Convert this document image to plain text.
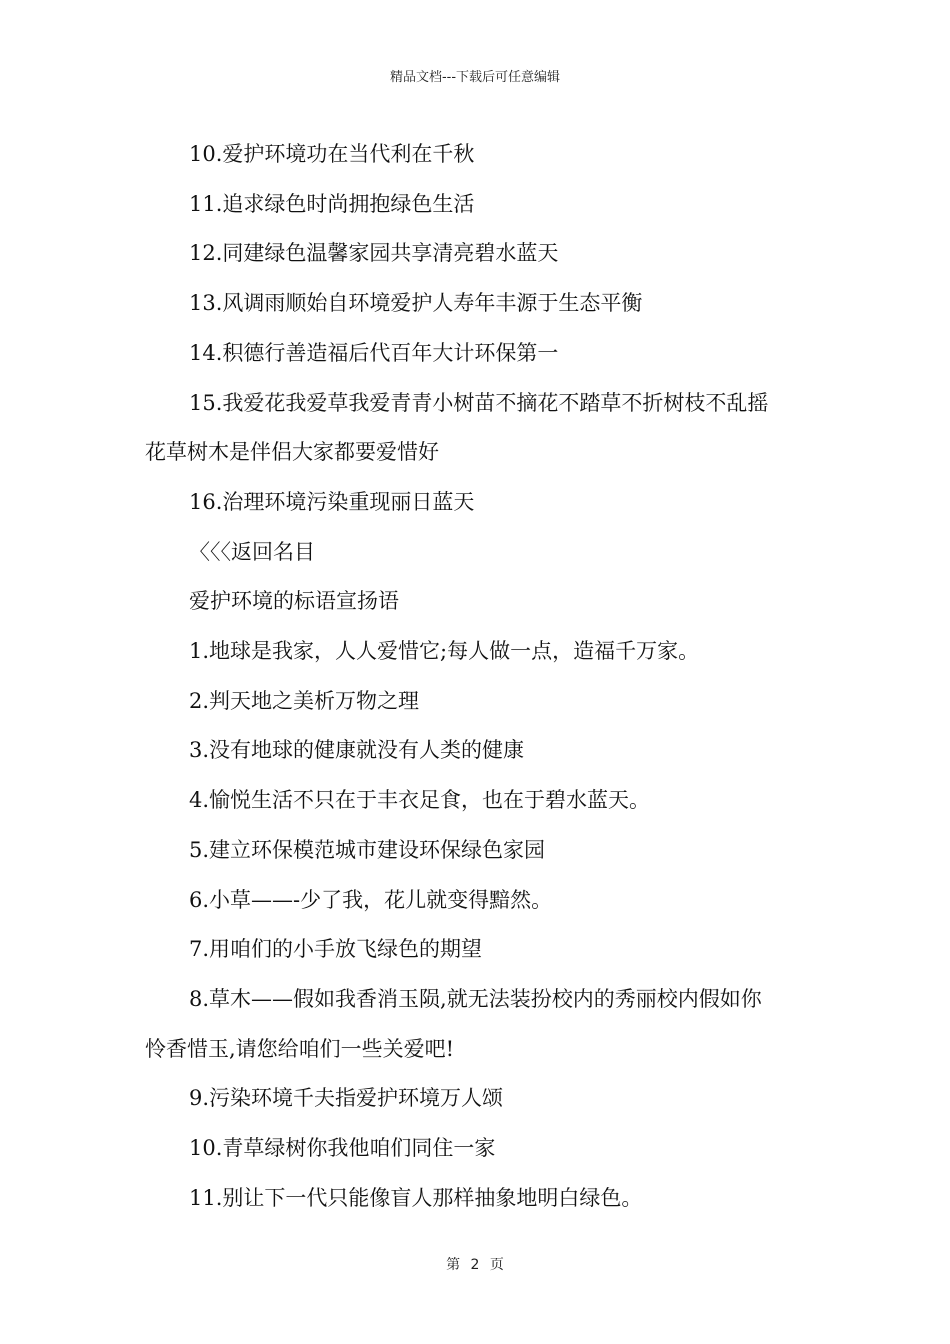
精品文档---下载后可任意编辑
10.爱护环境功在当代利在千秋
11.追求绿色时尚拥抱绿色生活
12.同建绿色温馨家园共享清亮碧水蓝天
13.风调雨顺始自环境爱护人寿年丰源于生态平衡
14.积德行善造福后代百年大计环保第一
15.我爱花我爱草我爱青青小树苗不摘花不踏草不折树枝不乱摇
花草树木是伴侣大家都要爱惜好
16.治理环境污染重现丽日蓝天
〈〈〈返回名目
爱护环境的标语宣扬语
1.地球是我家，人人爱惜它;每人做一点，造福千万家。
2.判天地之美析万物之理
3.没有地球的健康就没有人类的健康
4.愉悦生活不只在于丰衣足食，也在于碧水蓝天。
5.建立环保模范城市建设环保绿色家园
6.小草——-少了我，花儿就变得黯然。
7.用咱们的小手放飞绿色的期望
8.草木——假如我香消玉陨,就无法装扮校内的秀丽校内假如你
怜香惜玉,请您给咱们一些关爱吧!
9.污染环境千夫指爱护环境万人颂
10.青草绿树你我他咱们同住一家
11.别让下一代只能像盲人那样抽象地明白绿色。
第 2 页
